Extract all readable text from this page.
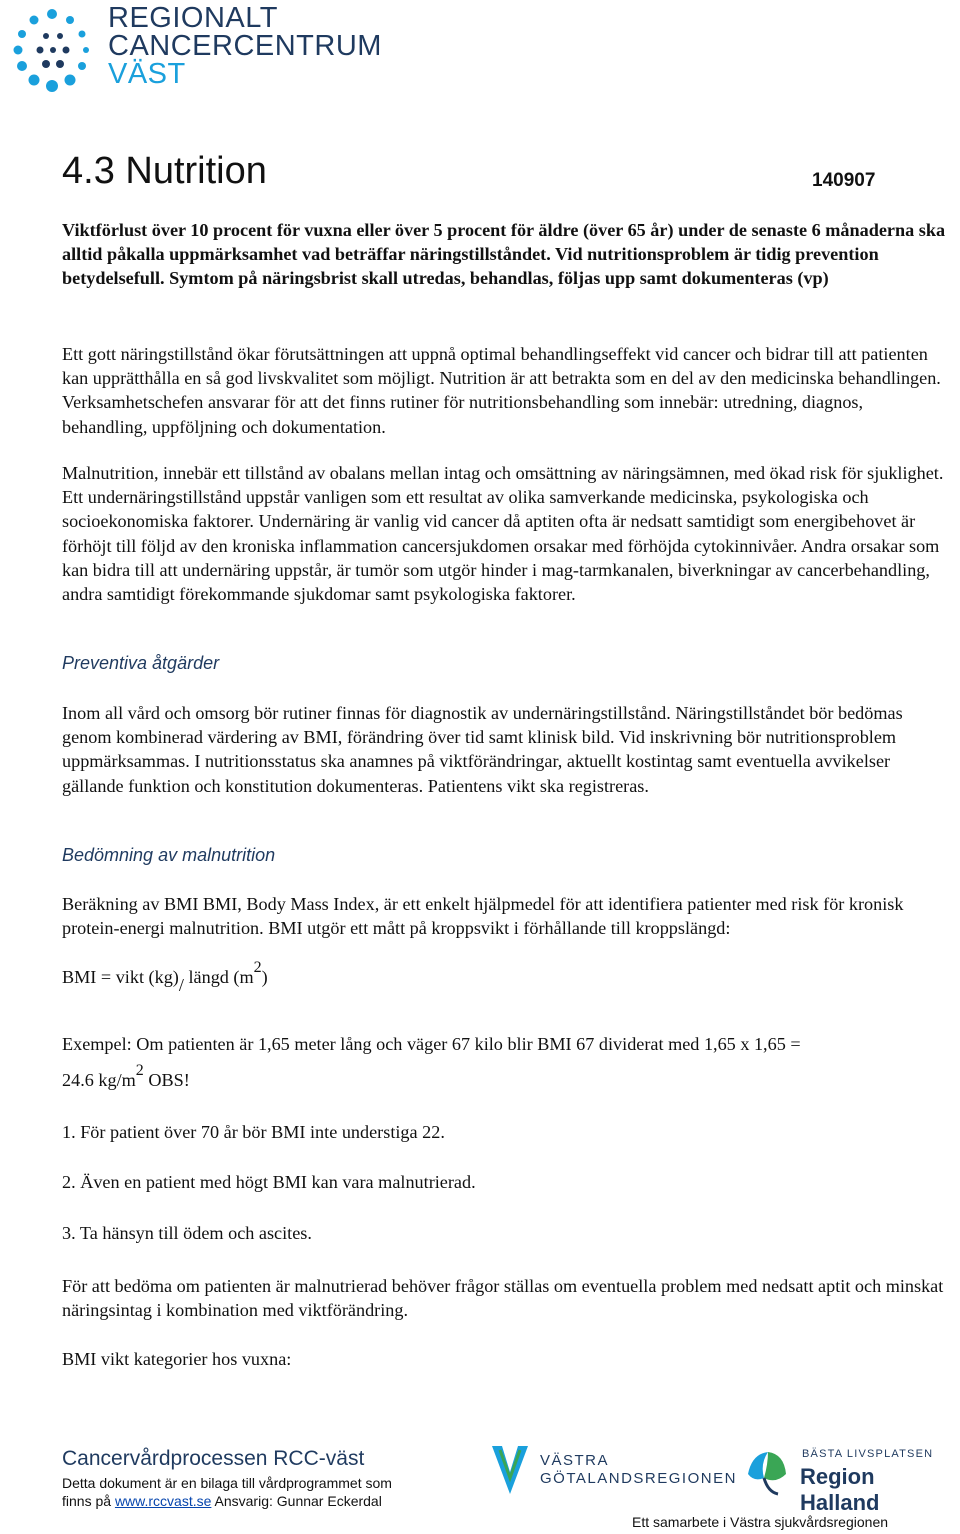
REGIONALT
CANCERCENTRUM
VÄST
4.3 Nutrition	140907
Viktförlust över 10 procent för vuxna eller över 5 procent för äldre (över 65 år) under de senaste 6 månaderna ska alltid påkalla uppmärksamhet vad beträffar näringstillståndet. Vid nutritionsproblem är tidig prevention betydelsefull. Symtom på näringsbrist skall utredas, behandlas, följas upp samt dokumenteras (vp)
Ett gott näringstillstånd ökar förutsättningen att uppnå optimal behandlingseffekt vid cancer och bidrar till att patienten kan upprätthålla en så god livskvalitet som möjligt. Nutrition är att betrakta som en del av den medicinska behandlingen. Verksamhetschefen ansvarar för att det finns rutiner för nutritionsbehandling som innebär: utredning, diagnos, behandling, uppföljning och dokumentation.
Malnutrition, innebär ett tillstånd av obalans mellan intag och omsättning av näringsämnen, med ökad risk för sjuklighet. Ett undernäringstillstånd uppstår vanligen som ett resultat av olika samverkande medicinska, psykologiska och socioekonomiska faktorer. Undernäring är vanlig vid cancer då aptiten ofta är nedsatt samtidigt som energibehovet är förhöjt till följd av den kroniska inflammation cancersjukdomen orsakar med förhöjda cytokinnivåer. Andra orsakar som kan bidra till att undernäring uppstår, är tumör som utgör hinder i mag-tarmkanalen, biverkningar av cancerbehandling, andra samtidigt förekommande sjukdomar samt psykologiska faktorer.
Preventiva åtgärder
Inom all vård och omsorg bör rutiner finnas för diagnostik av undernäringstillstånd. Näringstillståndet bör bedömas genom kombinerad värdering av BMI, förändring över tid samt klinisk bild. Vid inskrivning bör nutritionsproblem uppmärksammas. I nutritionsstatus ska anamnes på viktförändringar, aktuellt kostintag samt eventuella avvikelser gällande funktion och konstitution dokumenteras. Patientens vikt ska registreras.
Bedömning av malnutrition
Beräkning av BMI BMI, Body Mass Index, är ett enkelt hjälpmedel för att identifiera patienter med risk för kronisk protein-energi malnutrition. BMI utgör ett mått på kroppsvikt i förhållande till kroppslängd:
BMI = vikt (kg)/ längd $(m^2)$
Exempel: Om patienten är 1,65 meter lång och väger 67 kilo blir BMI 67 dividerat med 1,65 x 1,65 =
24.6 $kg/m^2$ OBS!
1. För patient över 70 år bör BMI inte understiga 22.
2. Även en patient med högt BMI kan vara malnutrierad.
3. Ta hänsyn till ödem och ascites.
För att bedöma om patienten är malnutrierad behöver frågor ställas om eventuella problem med nedsatt aptit och minskat näringsintag i kombination med viktförändring.
BMI vikt kategorier hos vuxna:
Cancervårdprocessen RCC-väst
Detta dokument är en bilaga till vårdprogrammet som
finns på www.rccvast.se Ansvarig: Gunnar Eckerdal
VÄSTRA
GÖTALANDSREGIONEN
BÄSTA LIVSPLATSEN
Region Halland
Ett samarbete i Västra sjukvårdsregionen
